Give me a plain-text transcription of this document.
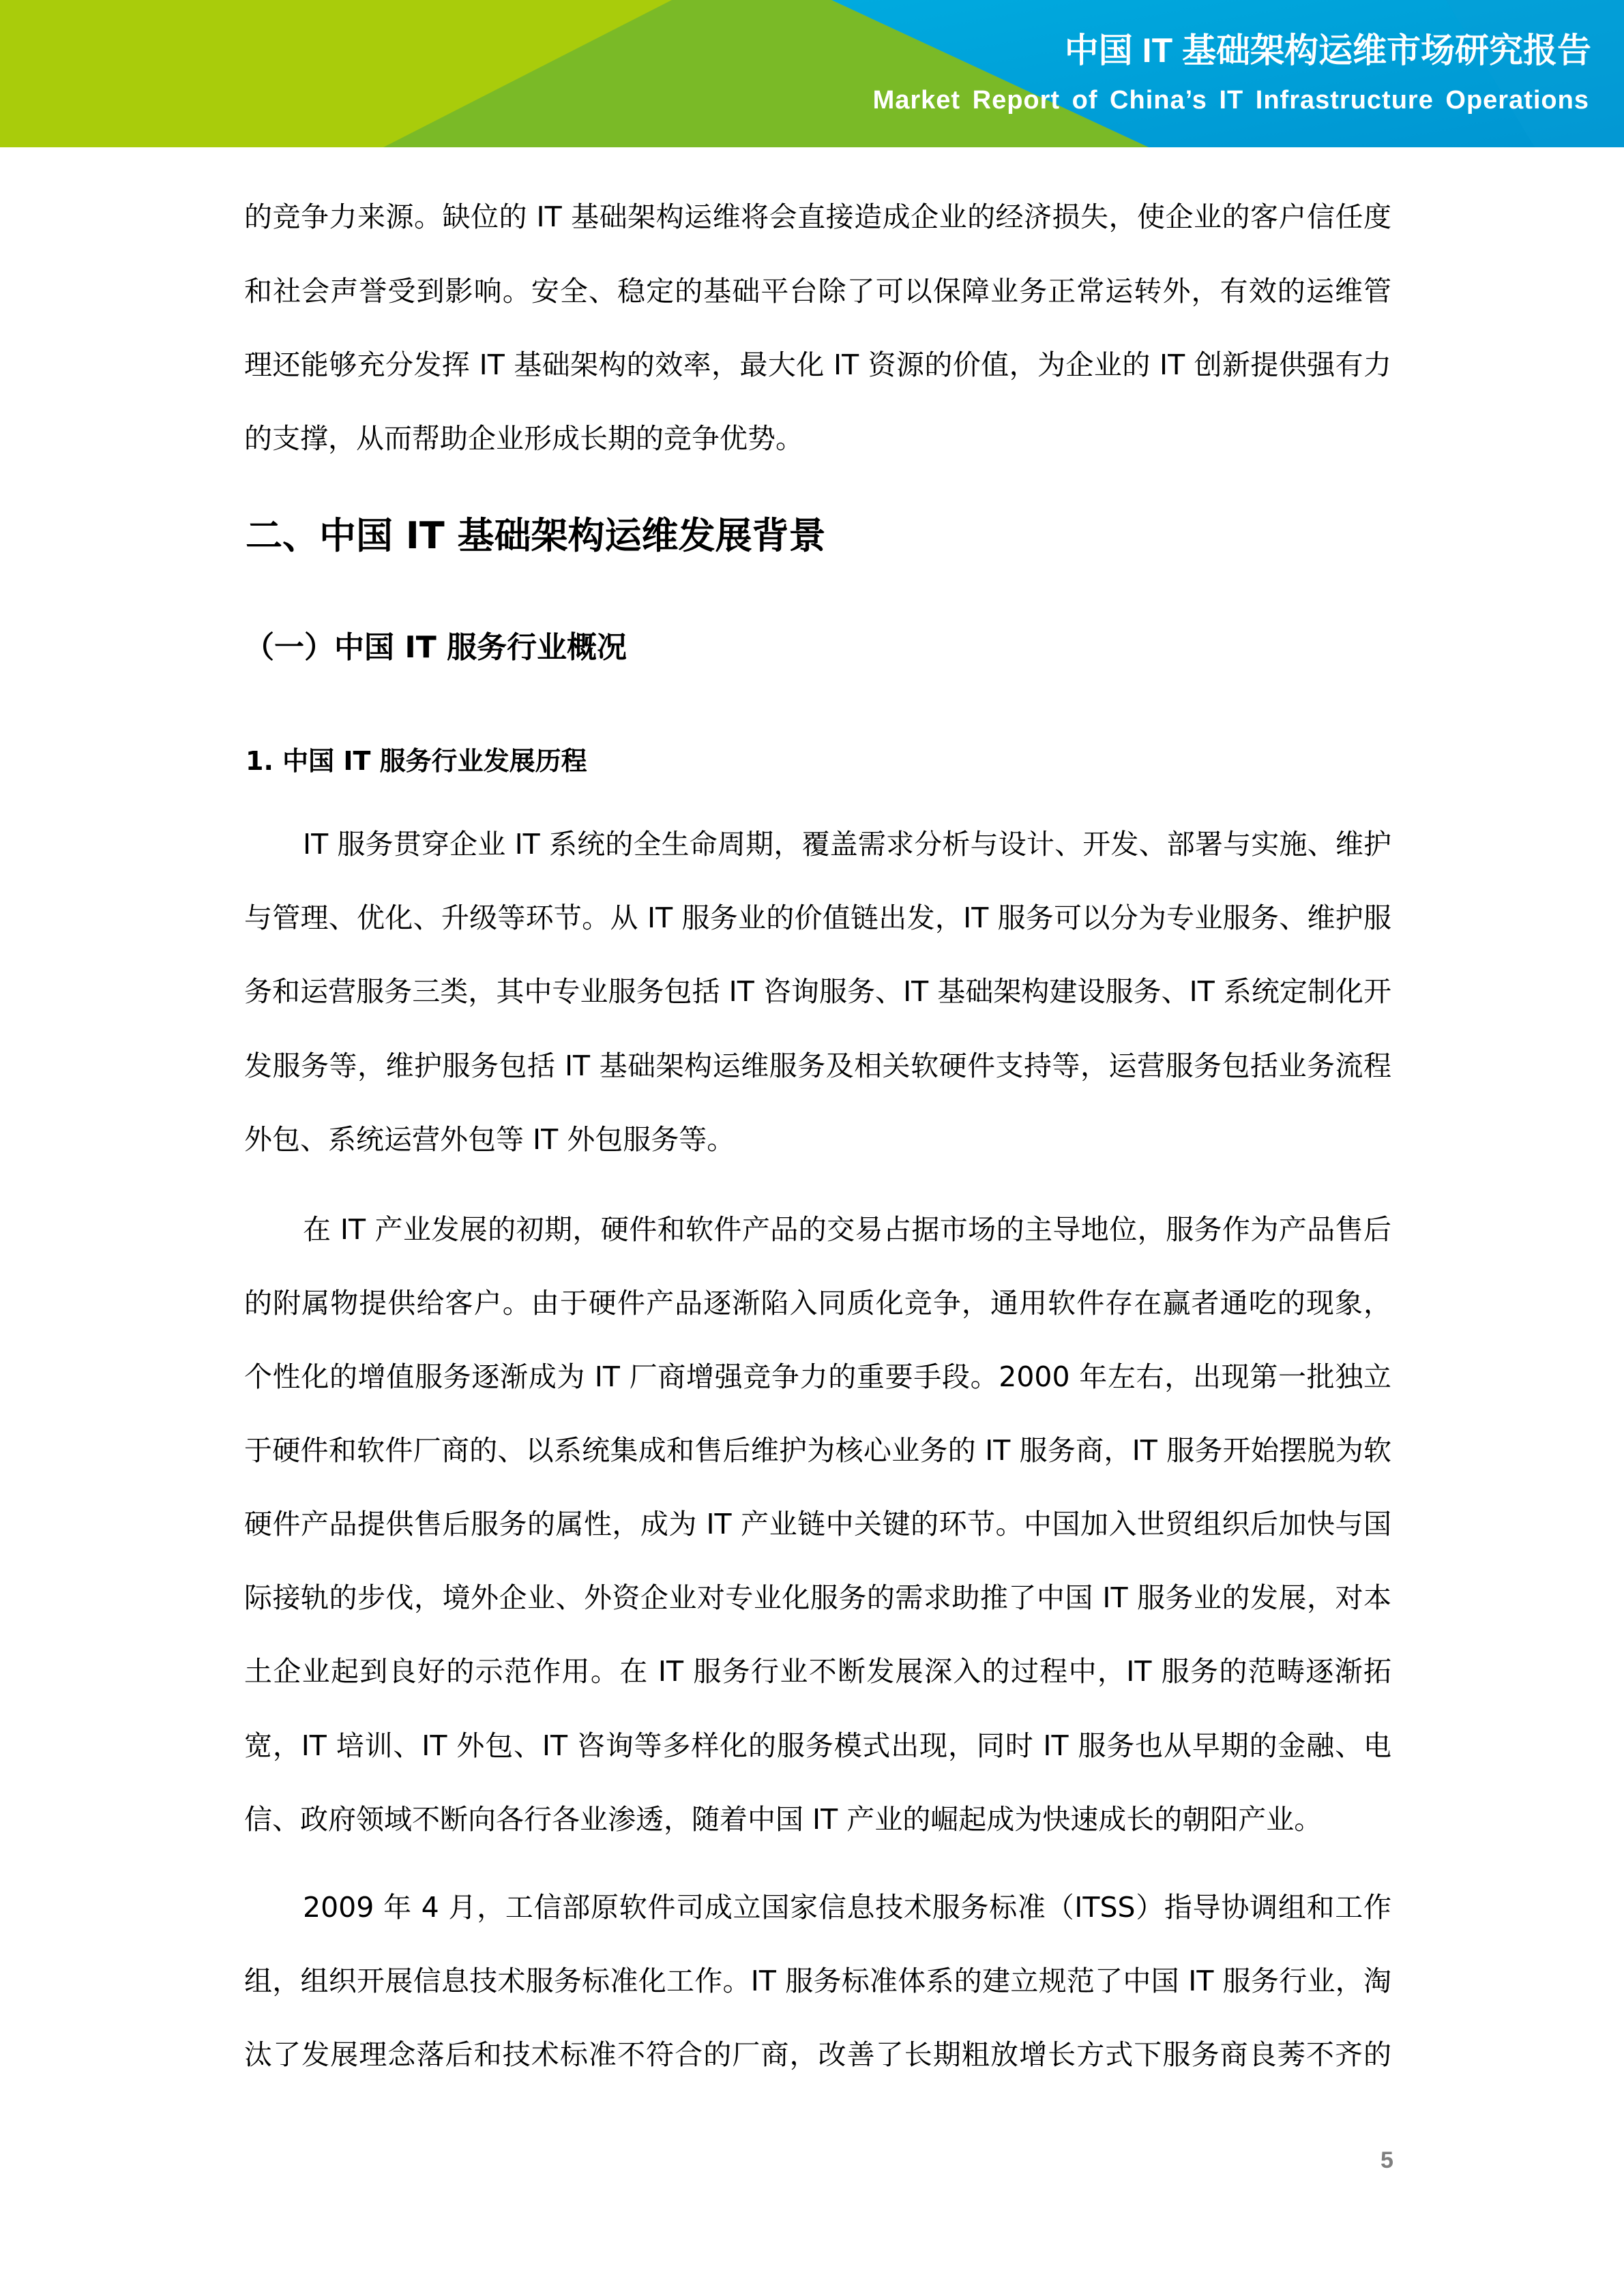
中国 IT 基础架构运维市场研究报告
Market Report of China’s IT Infrastructure Operations
的竞争力来源。缺位的 IT 基础架构运维将会直接造成企业的经济损失，使企业的客户信任度
和社会声誉受到影响。安全、稳定的基础平台除了可以保障业务正常运转外，有效的运维管
理还能够充分发挥 IT 基础架构的效率，最大化 IT 资源的价值，为企业的 IT 创新提供强有力
的支撑，从而帮助企业形成长期的竞争优势。
二、中国 IT 基础架构运维发展背景
（一）中国 IT 服务行业概况
1. 中国 IT 服务行业发展历程
IT 服务贯穿企业 IT 系统的全生命周期，覆盖需求分析与设计、开发、部署与实施、维护
与管理、优化、升级等环节。从 IT 服务业的价值链出发，IT 服务可以分为专业服务、维护服
务和运营服务三类，其中专业服务包括 IT 咨询服务、IT 基础架构建设服务、IT 系统定制化开
发服务等，维护服务包括 IT 基础架构运维服务及相关软硬件支持等，运营服务包括业务流程
外包、系统运营外包等 IT 外包服务等。
在 IT 产业发展的初期，硬件和软件产品的交易占据市场的主导地位，服务作为产品售后
的附属物提供给客户。由于硬件产品逐渐陷入同质化竞争，通用软件存在赢者通吃的现象，
个性化的增值服务逐渐成为 IT 厂商增强竞争力的重要手段。2000 年左右，出现第一批独立
于硬件和软件厂商的、以系统集成和售后维护为核心业务的 IT 服务商，IT 服务开始摆脱为软
硬件产品提供售后服务的属性，成为 IT 产业链中关键的环节。中国加入世贸组织后加快与国
际接轨的步伐，境外企业、外资企业对专业化服务的需求助推了中国 IT 服务业的发展，对本
土企业起到良好的示范作用。在 IT 服务行业不断发展深入的过程中，IT 服务的范畴逐渐拓
宽，IT 培训、IT 外包、IT 咨询等多样化的服务模式出现，同时 IT 服务也从早期的金融、电
信、政府领域不断向各行各业渗透，随着中国 IT 产业的崛起成为快速成长的朝阳产业。
2009 年 4 月，工信部原软件司成立国家信息技术服务标准（ITSS）指导协调组和工作
组，组织开展信息技术服务标准化工作。IT 服务标准体系的建立规范了中国 IT 服务行业，淘
汰了发展理念落后和技术标准不符合的厂商，改善了长期粗放增长方式下服务商良莠不齐的
5
